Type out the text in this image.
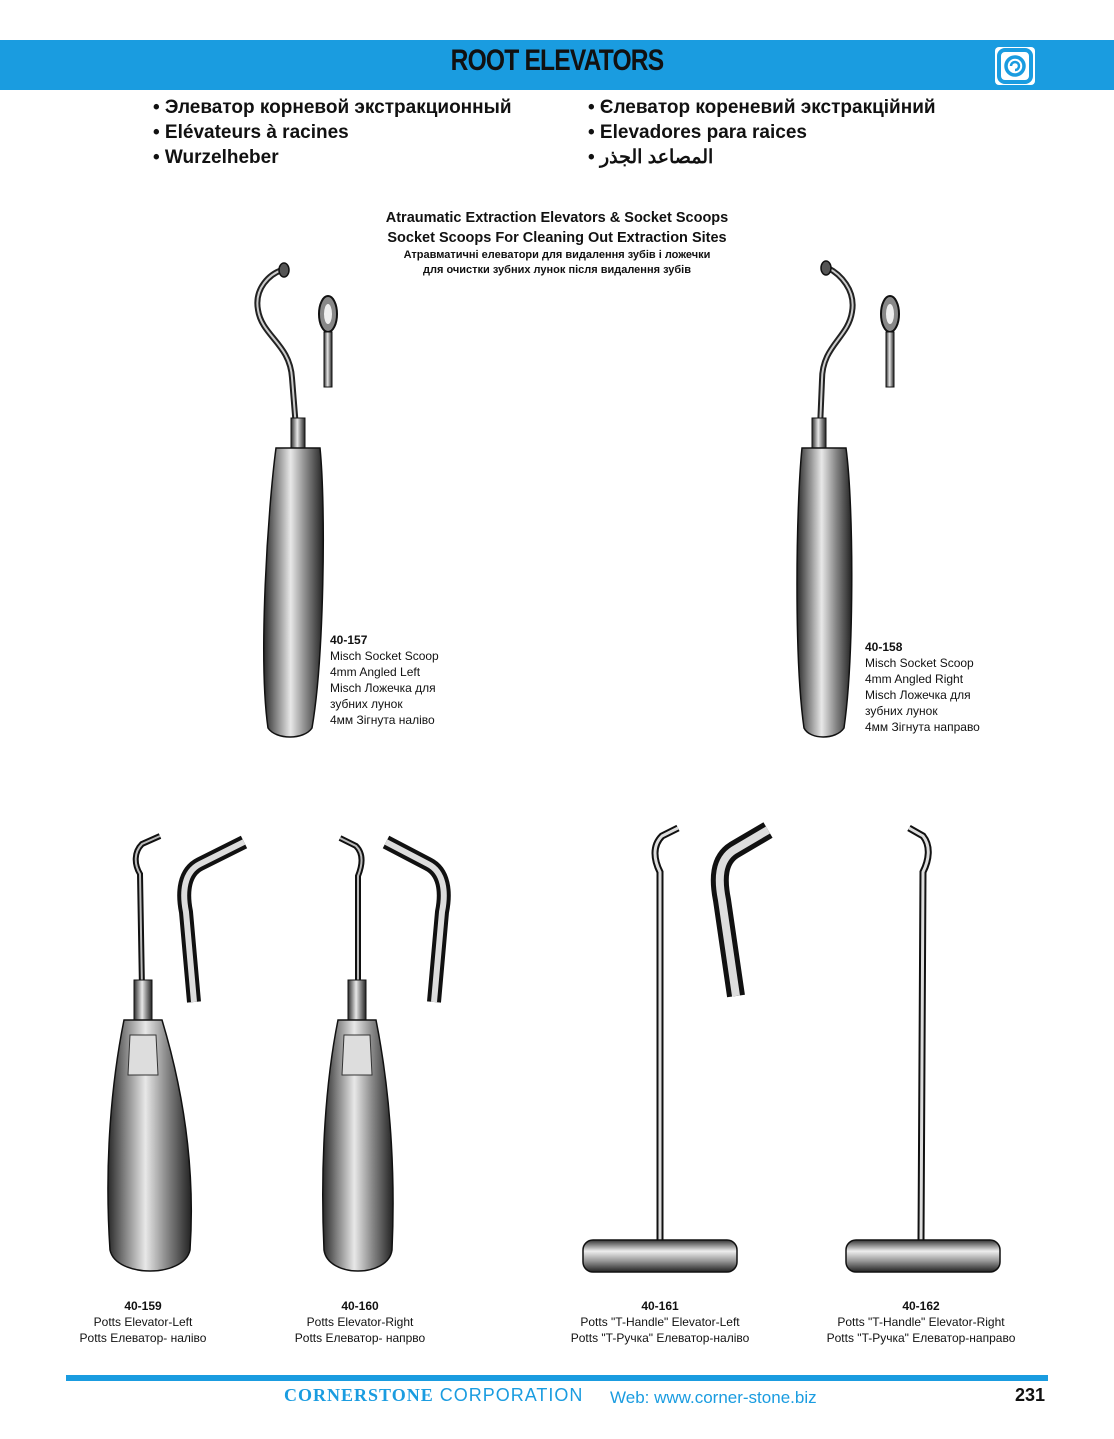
ROOT ELEVATORS
• Элеватор корневой экстракционный
• Elévateurs à racines
• Wurzelheber
• Єлеватор кореневий экстракційний
• Elevadores para raices
• المصاعد الجذر
Atraumatic Extraction Elevators & Socket Scoops
Socket Scoops For Cleaning Out Extraction Sites
Атравматичні елеватори для видалення зубів і ложечки
для очистки зубних лунок після видалення зубів
40-157
Misch Socket Scoop
4mm Angled Left
Misch Ложечка для
зубних лунок
4мм Зігнута наліво
40-158
Misch Socket Scoop
4mm Angled Right
Misch Ложечка для
зубних лунок
4мм Зігнута направо
40-159
Potts Elevator-Left
Potts Елеватор- наліво
40-160
Potts Elevator-Right
Potts Елеватор- напрво
40-161
Potts "T-Handle" Elevator-Left
Potts "T-Ручка" Елеватор-наліво
40-162
Potts "T-Handle" Elevator-Right
Potts "T-Ручка" Елеватор-направо
CORNERSTONE CORPORATION Web: www.corner-stone.biz	231
